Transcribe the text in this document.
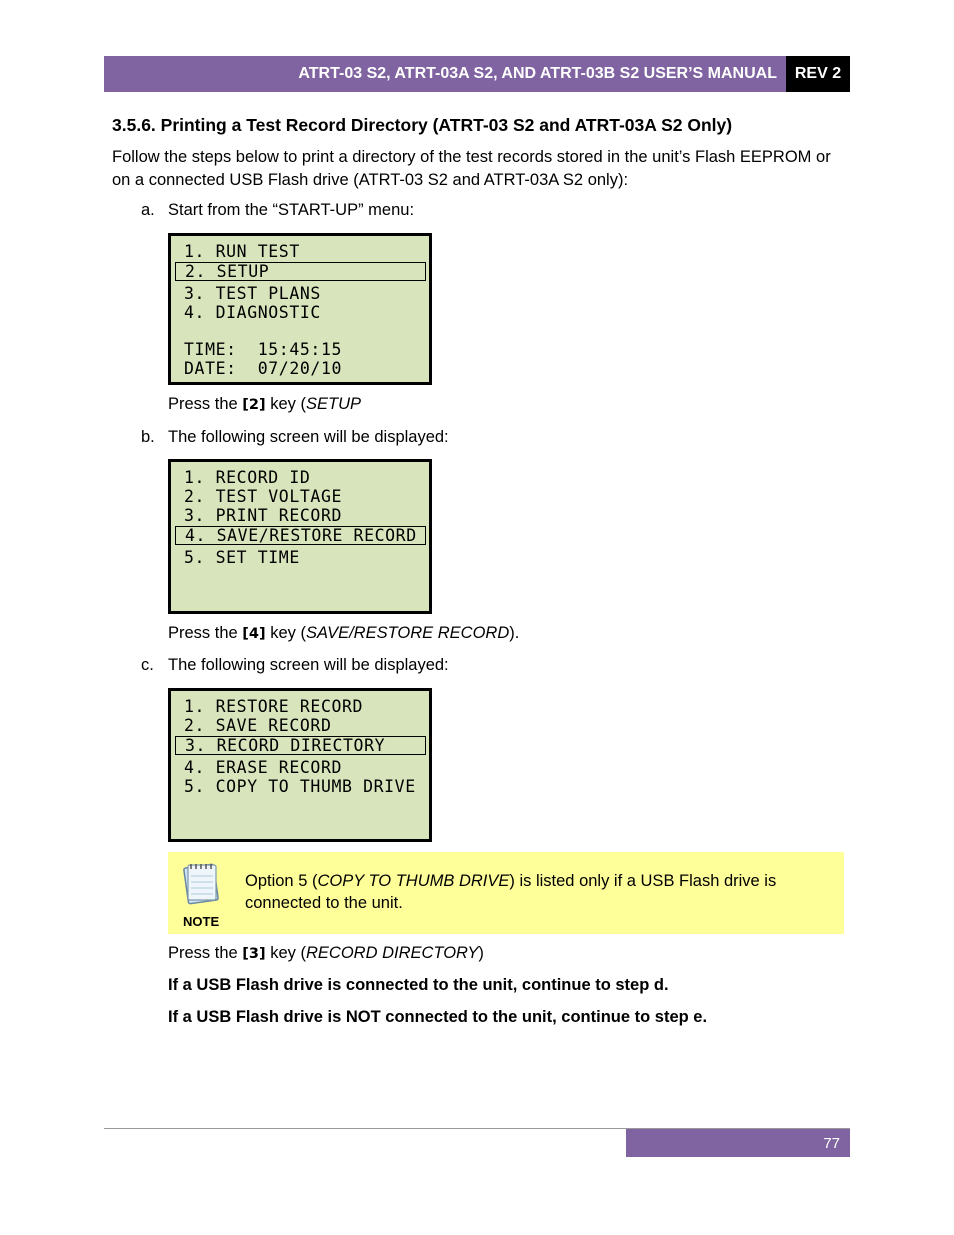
ATRT-03 S2, ATRT-03A S2, AND ATRT-03B S2 USER’S MANUAL REV 2
3.5.6. Printing a Test Record Directory (ATRT-03 S2 and ATRT-03A S2 Only)
Follow the steps below to print a directory of the test records stored in the unit’s Flash EEPROM or on a connected USB Flash drive (ATRT-03 S2 and ATRT-03A S2 only):
a. Start from the “START-UP” menu:
1. RUN TEST
2. SETUP
3. TEST PLANS
4. DIAGNOSTIC
TIME:  15:45:15
DATE:  07/20/10
Press the [2] key (SETUP
b. The following screen will be displayed:
1. RECORD ID
2. TEST VOLTAGE
3. PRINT RECORD
4. SAVE/RESTORE RECORD
5. SET TIME
Press the [4] key (SAVE/RESTORE RECORD).
c. The following screen will be displayed:
1. RESTORE RECORD
2. SAVE RECORD
3. RECORD DIRECTORY
4. ERASE RECORD
5. COPY TO THUMB DRIVE
NOTE
Option 5 (COPY TO THUMB DRIVE) is listed only if a USB Flash drive is connected to the unit.
Press the [3] key (RECORD DIRECTORY)
If a USB Flash drive is connected to the unit, continue to step d.
If a USB Flash drive is NOT connected to the unit, continue to step e.
77
